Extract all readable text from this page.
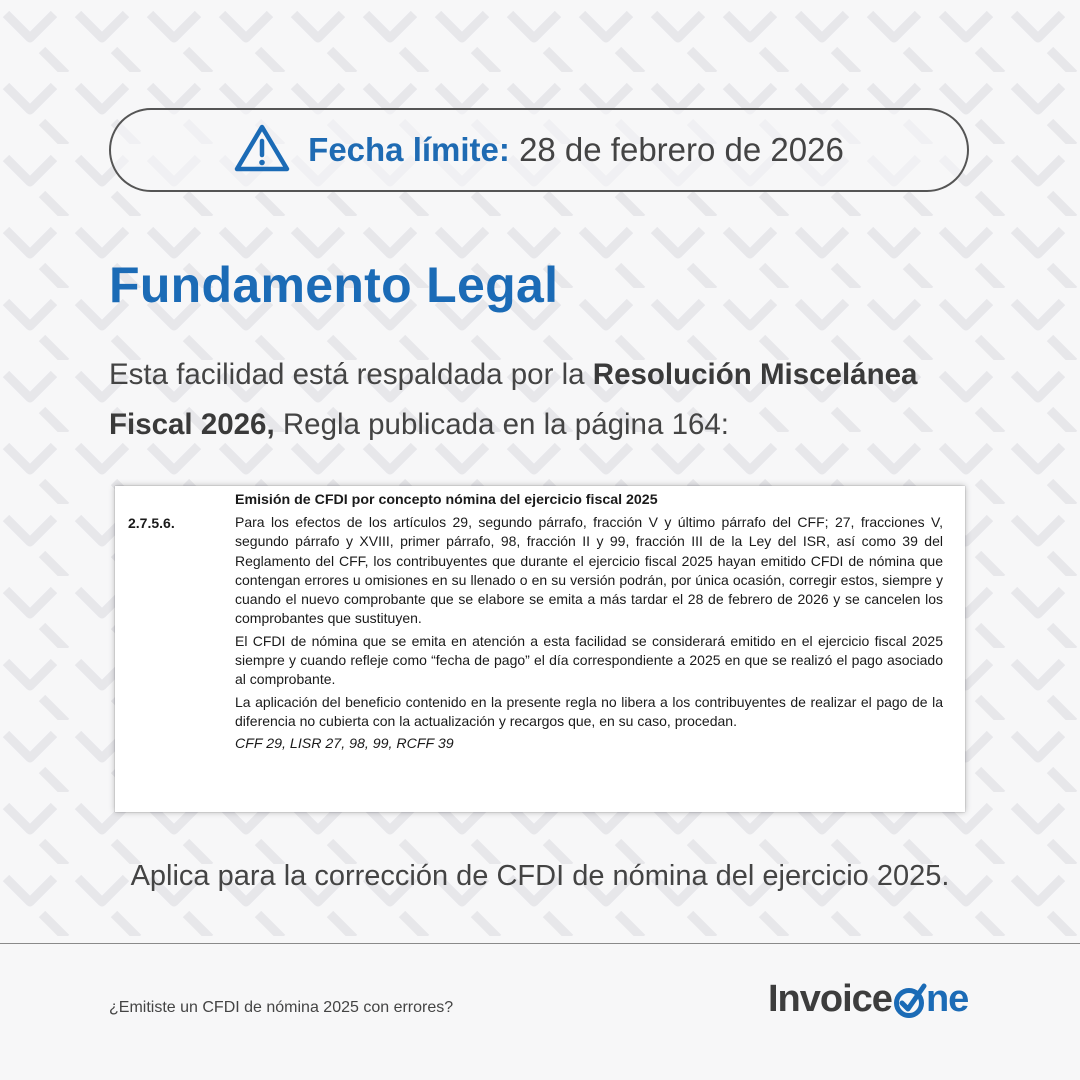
Fecha límite: 28 de febrero de 2026
Fundamento Legal

Esta facilidad está respaldada por la Resolución Miscelánea Fiscal 2026, Regla publicada en la página 164:

Emisión de CFDI por concepto nómina del ejercicio fiscal 2025
2.7.5.6.	Para los efectos de los artículos 29, segundo párrafo, fracción V y último párrafo del CFF; 27, fracciones V, segundo párrafo y XVIII, primer párrafo, 98, fracción II y 99, fracción III de la Ley del ISR, así como 39 del Reglamento del CFF, los contribuyentes que durante el ejercicio fiscal 2025 hayan emitido CFDI de nómina que contengan errores u omisiones en su llenado o en su versión podrán, por única ocasión, corregir estos, siempre y cuando el nuevo comprobante que se elabore se emita a más tardar el 28 de febrero de 2026 y se cancelen los comprobantes que sustituyen.

El CFDI de nómina que se emita en atención a esta facilidad se considerará emitido en el ejercicio fiscal 2025 siempre y cuando refleje como “fecha de pago” el día correspondiente a 2025 en que se realizó el pago asociado al comprobante.

La aplicación del beneficio contenido en la presente regla no libera a los contribuyentes de realizar el pago de la diferencia no cubierta con la actualización y recargos que, en su caso, procedan.

CFF 29, LISR 27, 98, 99, RCFF 39

Aplica para la corrección de CFDI de nómina del ejercicio 2025.

¿Emitiste un CFDI de nómina 2025 con errores?	Invoice ne
